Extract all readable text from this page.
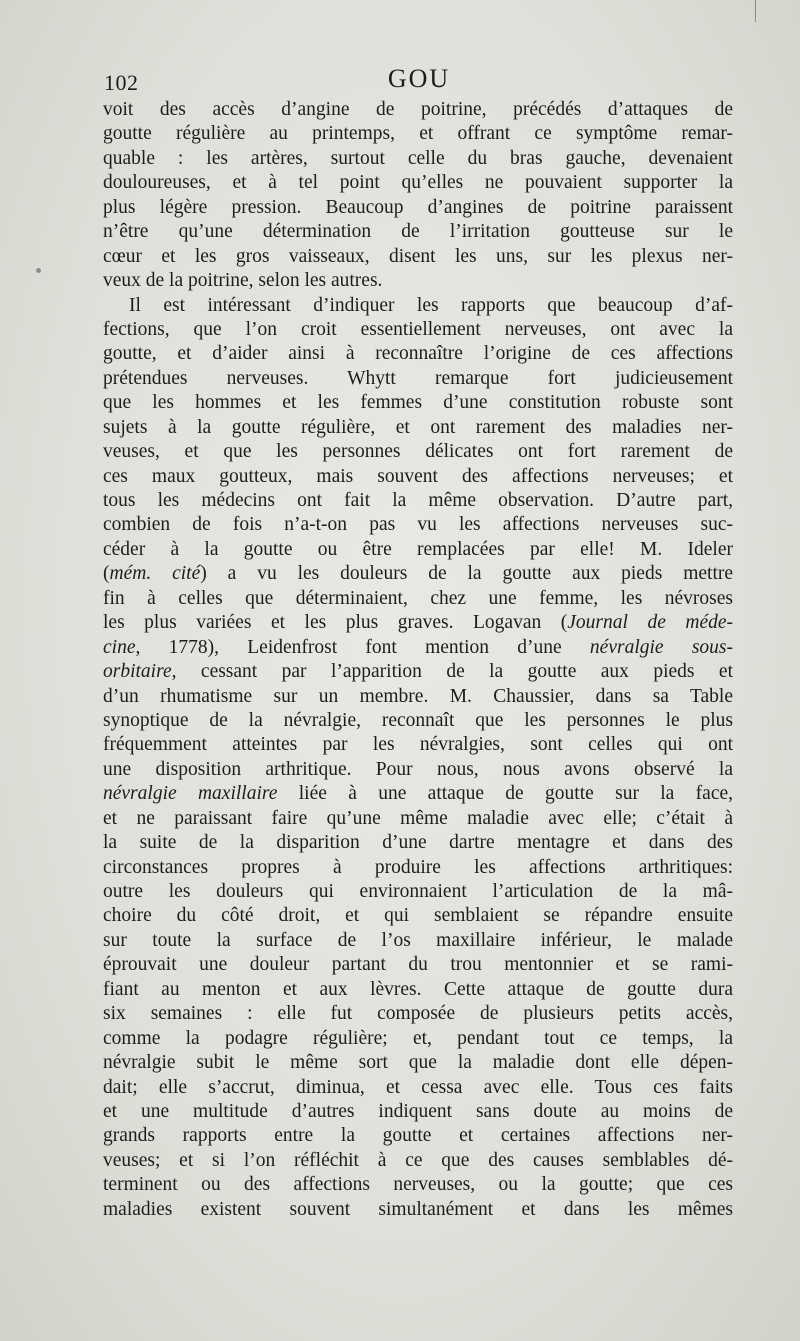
102	GOU
voit des accès d’angine de poitrine, précédés d’attaques de
goutte régulière au printemps, et offrant ce symptôme remar-
quable : les artères, surtout celle du bras gauche, devenaient
douloureuses, et à tel point qu’elles ne pouvaient supporter la
plus légère pression. Beaucoup d’angines de poitrine paraissent
n’être qu’une détermination de l’irritation goutteuse sur le
cœur et les gros vaisseaux, disent les uns, sur les plexus ner-
veux de la poitrine, selon les autres.
Il est intéressant d’indiquer les rapports que beaucoup d’af-
fections, que l’on croit essentiellement nerveuses, ont avec la
goutte, et d’aider ainsi à reconnaître l’origine de ces affections
prétendues nerveuses. Whytt remarque fort judicieusement
que les hommes et les femmes d’une constitution robuste sont
sujets à la goutte régulière, et ont rarement des maladies ner-
veuses, et que les personnes délicates ont fort rarement de
ces maux goutteux, mais souvent des affections nerveuses; et
tous les médecins ont fait la même observation. D’autre part,
combien de fois n’a-t-on pas vu les affections nerveuses suc-
céder à la goutte ou être remplacées par elle! M. Ideler
(mém. cité) a vu les douleurs de la goutte aux pieds mettre
fin à celles que déterminaient, chez une femme, les névroses
les plus variées et les plus graves. Logavan (Journal de méde-
cine, 1778), Leidenfrost font mention d’une névralgie sous-
orbitaire, cessant par l’apparition de la goutte aux pieds et
d’un rhumatisme sur un membre. M. Chaussier, dans sa Table
synoptique de la névralgie, reconnaît que les personnes le plus
fréquemment atteintes par les névralgies, sont celles qui ont
une disposition arthritique. Pour nous, nous avons observé la
névralgie maxillaire liée à une attaque de goutte sur la face,
et ne paraissant faire qu’une même maladie avec elle; c’était à
la suite de la disparition d’une dartre mentagre et dans des
circonstances propres à produire les affections arthritiques:
outre les douleurs qui environnaient l’articulation de la mâ-
choire du côté droit, et qui semblaient se répandre ensuite
sur toute la surface de l’os maxillaire inférieur, le malade
éprouvait une douleur partant du trou mentonnier et se rami-
fiant au menton et aux lèvres. Cette attaque de goutte dura
six semaines : elle fut composée de plusieurs petits accès,
comme la podagre régulière; et, pendant tout ce temps, la
névralgie subit le même sort que la maladie dont elle dépen-
dait; elle s’accrut, diminua, et cessa avec elle. Tous ces faits
et une multitude d’autres indiquent sans doute au moins de
grands rapports entre la goutte et certaines affections ner-
veuses; et si l’on réfléchit à ce que des causes semblables dé-
terminent ou des affections nerveuses, ou la goutte; que ces
maladies existent souvent simultanément et dans les mêmes
